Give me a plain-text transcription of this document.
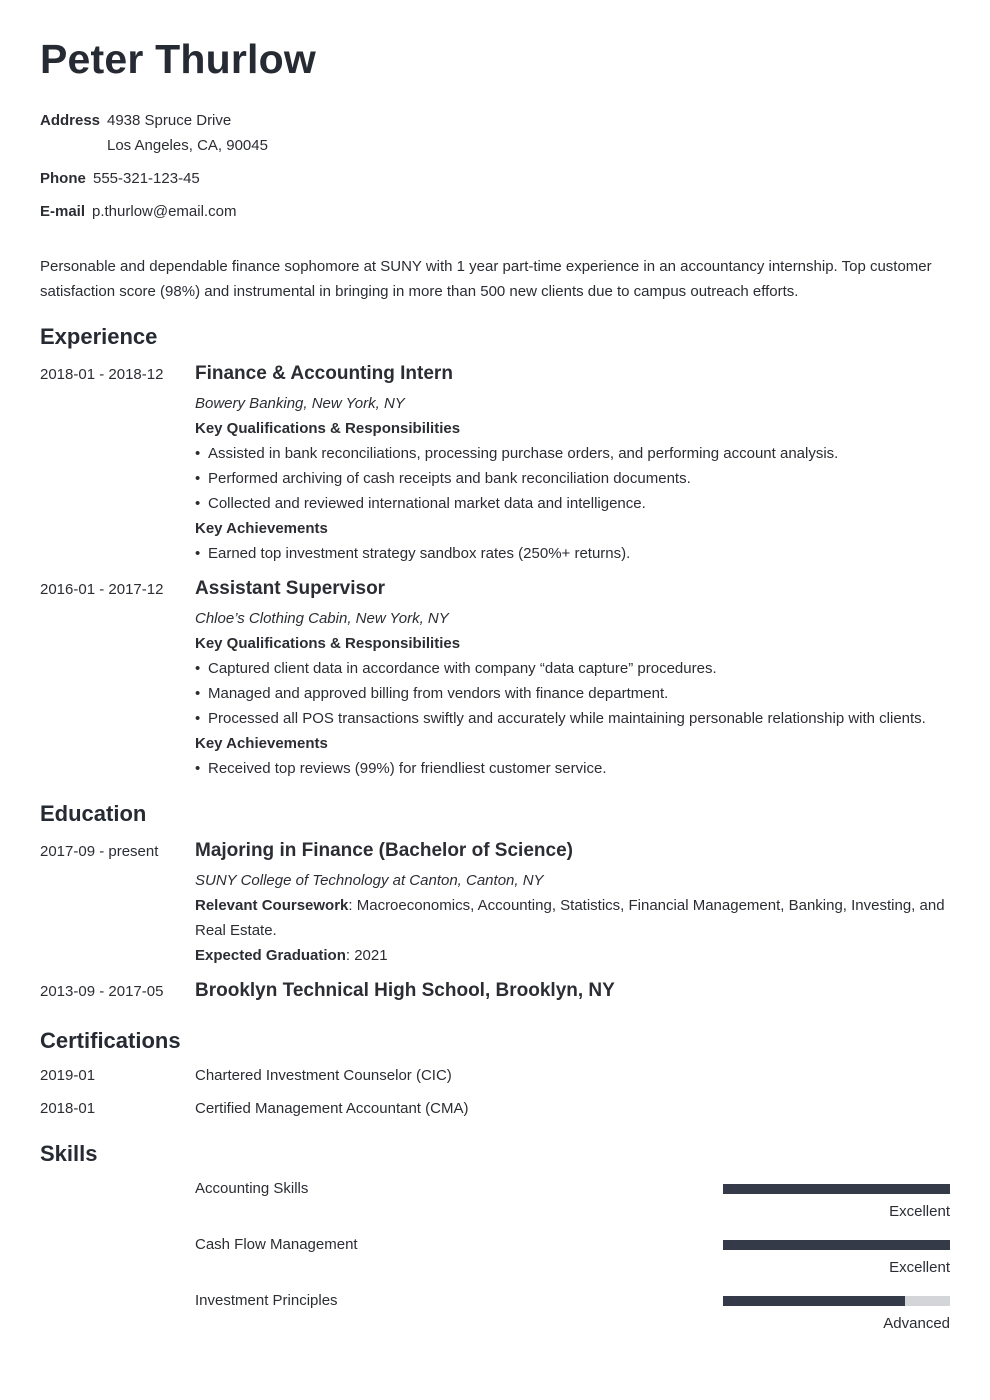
Peter Thurlow
Address 4938 Spruce Drive
Los Angeles, CA, 90045
Phone 555-321-123-45
E-mail p.thurlow@email.com
Personable and dependable finance sophomore at SUNY with 1 year part-time experience in an accountancy internship. Top customer satisfaction score (98%) and instrumental in bringing in more than 500 new clients due to campus outreach efforts.
Experience
2018-01 - 2018-12 Finance & Accounting Intern
Bowery Banking, New York, NY
Key Qualifications & Responsibilities
• Assisted in bank reconciliations, processing purchase orders, and performing account analysis.
• Performed archiving of cash receipts and bank reconciliation documents.
• Collected and reviewed international market data and intelligence.
Key Achievements
• Earned top investment strategy sandbox rates (250%+ returns).
2016-01 - 2017-12 Assistant Supervisor
Chloe’s Clothing Cabin, New York, NY
Key Qualifications & Responsibilities
• Captured client data in accordance with company “data capture” procedures.
• Managed and approved billing from vendors with finance department.
• Processed all POS transactions swiftly and accurately while maintaining personable relationship with clients.
Key Achievements
• Received top reviews (99%) for friendliest customer service.
Education
2017-09 - present Majoring in Finance (Bachelor of Science)
SUNY College of Technology at Canton, Canton, NY
Relevant Coursework: Macroeconomics, Accounting, Statistics, Financial Management, Banking, Investing, and Real Estate.
Expected Graduation: 2021
2013-09 - 2017-05 Brooklyn Technical High School, Brooklyn, NY
Certifications
2019-01	Chartered Investment Counselor (CIC)
2018-01	Certified Management Accountant (CMA)
Skills
Accounting Skills
Excellent
Cash Flow Management
Excellent
Investment Principles
Advanced
